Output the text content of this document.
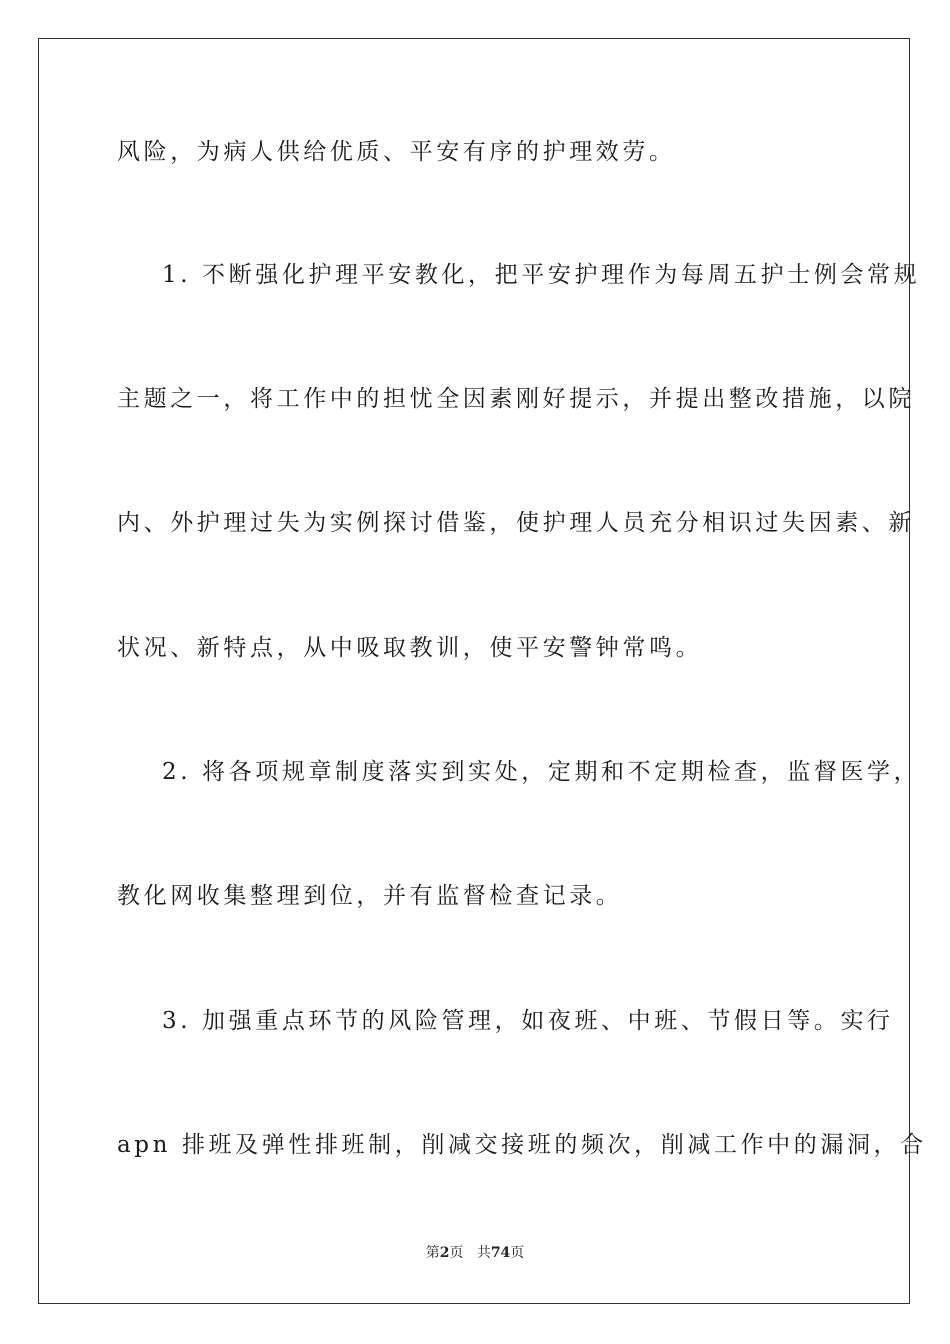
风险，为病人供给优质、平安有序的护理效劳。
1. 不断强化护理平安教化，把平安护理作为每周五护士例会常规
主题之一，将工作中的担忧全因素刚好提示，并提出整改措施，以院
内、外护理过失为实例探讨借鉴，使护理人员充分相识过失因素、新
状况、新特点，从中吸取教训，使平安警钟常鸣。
2. 将各项规章制度落实到实处，定期和不定期检查，监督医学，
教化网收集整理到位，并有监督检查记录。
3. 加强重点环节的风险管理，如夜班、中班、节假日等。实行
apn 排班及弹性排班制，削减交接班的频次，削减工作中的漏洞，合
第2页 共74页
